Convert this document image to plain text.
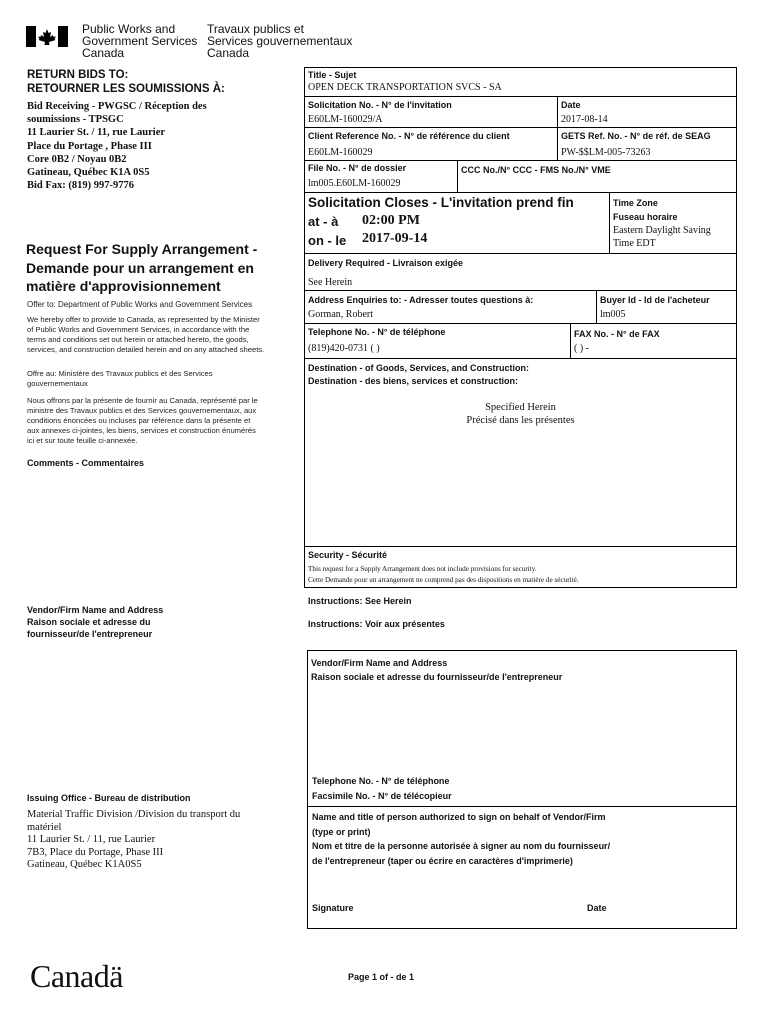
Public Works and
Government Services
Canada
Travaux publics et
Services gouvernementaux
Canada
RETURN BIDS TO:
RETOURNER LES SOUMISSIONS À:
Bid Receiving - PWGSC / Réception des
soumissions - TPSGC
11 Laurier St. / 11, rue Laurier
Place du Portage , Phase III
Core 0B2 / Noyau 0B2
Gatineau, Québec K1A 0S5
Bid Fax: (819) 997-9776
Request For Supply Arrangement -
Demande pour un arrangement en
matière d'approvisionnement
Offer to: Department of Public Works and Government Services
We hereby offer to provide to Canada, as represented by the Minister
of Public Works and Government Services, in accordance with the
terms and conditions set out herein or attached hereto, the goods,
services, and construction detailed herein and on any attached sheets.
Offre au: Ministère des Travaux publics et des Services
gouvernementaux
Nous offrons par la présente de fournir au Canada, représenté par le
ministre des Travaux publics et des Services gouvernementaux, aux
conditions énoncées ou incluses par référence dans la présente et
aux annexes ci-jointes, les biens, services et construction énumérés
ici et sur toute feuille ci-annexée.
Comments - Commentaires
Vendor/Firm Name and Address
Raison sociale et adresse du
fournisseur/de l'entrepreneur
Issuing Office - Bureau de distribution
Material Traffic Division /Division du transport du
matériel
11 Laurier St. / 11, rue Laurier
7B3, Place du Portage, Phase III
Gatineau, Québec K1A0S5
Title - Sujet
OPEN DECK TRANSPORTATION SVCS - SA
Solicitation No. - N° de l'invitation
E60LM-160029/A
Date
2017-08-14
Client Reference No. - N° de référence du client
E60LM-160029
GETS Ref. No. - N° de réf. de SEAG
PW-$$LM-005-73263
File No. - N° de dossier
lm005.E60LM-160029
CCC No./N° CCC - FMS No./N° VME
Solicitation Closes - L'invitation prend fin
at - à 02:00 PM
on - le 2017-09-14
Time Zone
Fuseau horaire
Eastern Daylight Saving
Time EDT
Delivery Required - Livraison exigée
See Herein
Address Enquiries to: - Adresser toutes questions à:
Gorman, Robert
Buyer Id - Id de l'acheteur
lm005
Telephone No. - N° de téléphone
(819)420-0731 ( )
FAX No. - N° de FAX
( ) -
Destination - of Goods, Services, and Construction:
Destination - des biens, services et construction:
Specified Herein
Précisé dans les présentes
Security - Sécurité
This request for a Supply Arrangement does not include provisions for security.
Cette Demande pour un arrangement ne comprend pas des dispositions en matière de sécurité.
Instructions: See Herein
Instructions: Voir aux présentes
Vendor/Firm Name and Address
Raison sociale et adresse du fournisseur/de l'entrepreneur
Telephone No. - N° de téléphone
Facsimile No. - N° de télécopieur
Name and title of person authorized to sign on behalf of Vendor/Firm
(type or print)
Nom et titre de la personne autorisée à signer au nom du fournisseur/
de l'entrepreneur (taper ou écrire en caractères d'imprimerie)
Signature	Date
Canadä	Page 1 of - de 1
